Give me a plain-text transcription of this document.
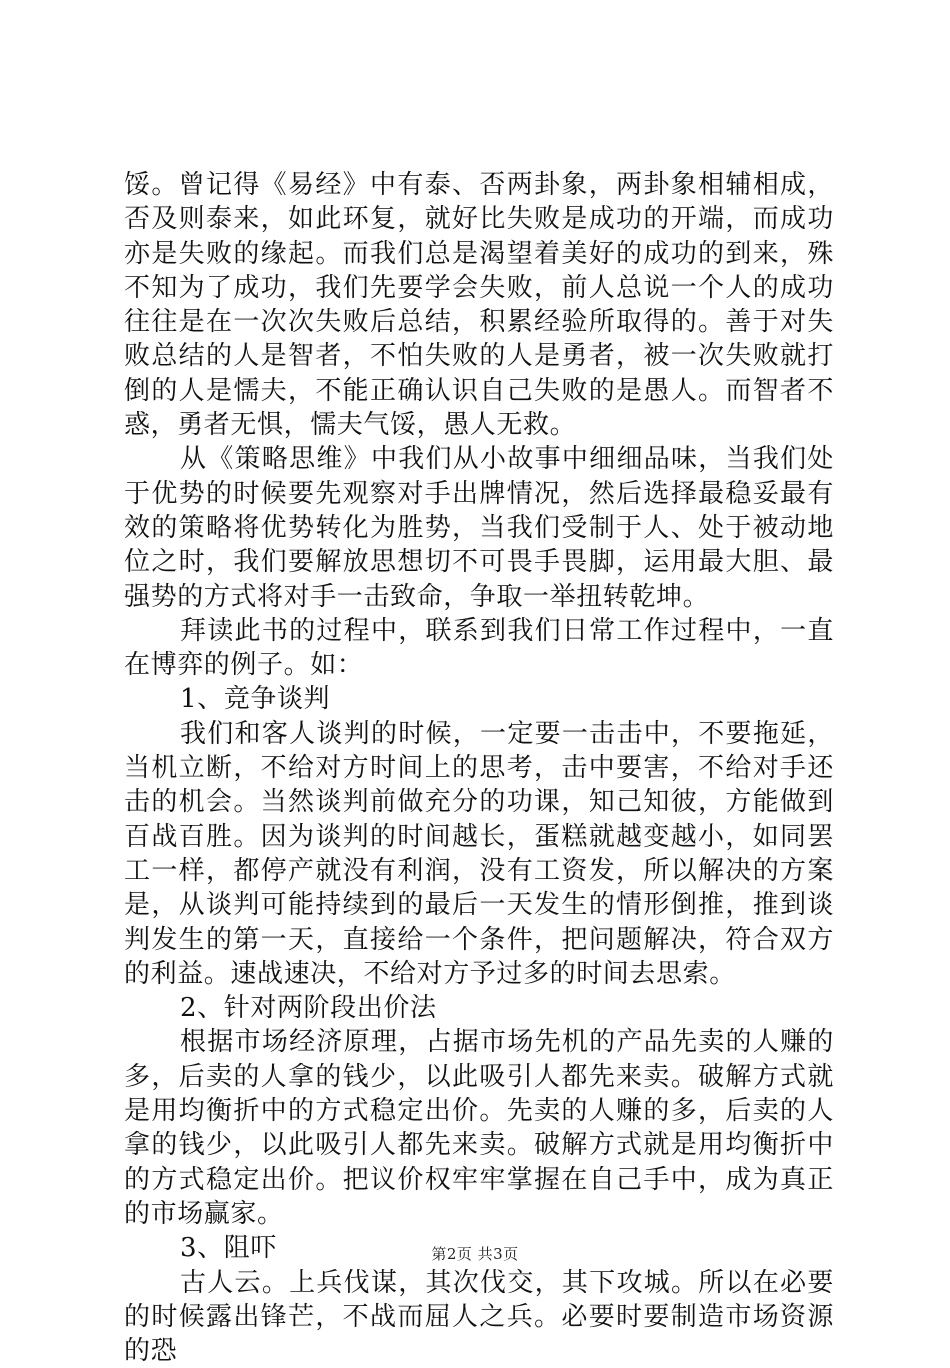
馁。曾记得《易经》中有泰、否两卦象，两卦象相辅相成，否及则泰来，如此环复，就好比失败是成功的开端，而成功亦是失败的缘起。而我们总是渴望着美好的成功的到来，殊不知为了成功，我们先要学会失败，前人总说一个人的成功往往是在一次次失败后总结，积累经验所取得的。善于对失败总结的人是智者，不怕失败的人是勇者，被一次失败就打倒的人是懦夫，不能正确认识自己失败的是愚人。而智者不惑，勇者无惧，懦夫气馁，愚人无救。

从《策略思维》中我们从小故事中细细品味，当我们处于优势的时候要先观察对手出牌情况，然后选择最稳妥最有效的策略将优势转化为胜势，当我们受制于人、处于被动地位之时，我们要解放思想切不可畏手畏脚，运用最大胆、最强势的方式将对手一击致命，争取一举扭转乾坤。

拜读此书的过程中，联系到我们日常工作过程中，一直在博弈的例子。如：

1、竞争谈判

我们和客人谈判的时候，一定要一击击中，不要拖延，当机立断，不给对方时间上的思考，击中要害，不给对手还击的机会。当然谈判前做充分的功课，知己知彼，方能做到百战百胜。因为谈判的时间越长，蛋糕就越变越小，如同罢工一样，都停产就没有利润，没有工资发，所以解决的方案是，从谈判可能持续到的最后一天发生的情形倒推，推到谈判发生的第一天，直接给一个条件，把问题解决，符合双方的利益。速战速决，不给对方予过多的时间去思索。

2、针对两阶段出价法

根据市场经济原理，占据市场先机的产品先卖的人赚的多，后卖的人拿的钱少，以此吸引人都先来卖。破解方式就是用均衡折中的方式稳定出价。先卖的人赚的多，后卖的人拿的钱少，以此吸引人都先来卖。破解方式就是用均衡折中的方式稳定出价。把议价权牢牢掌握在自己手中，成为真正的市场赢家。

3、阻吓

古人云。上兵伐谋，其次伐交，其下攻城。所以在必要的时候露出锋芒，不战而屈人之兵。必要时要制造市场资源的恐

第2页 共3页
